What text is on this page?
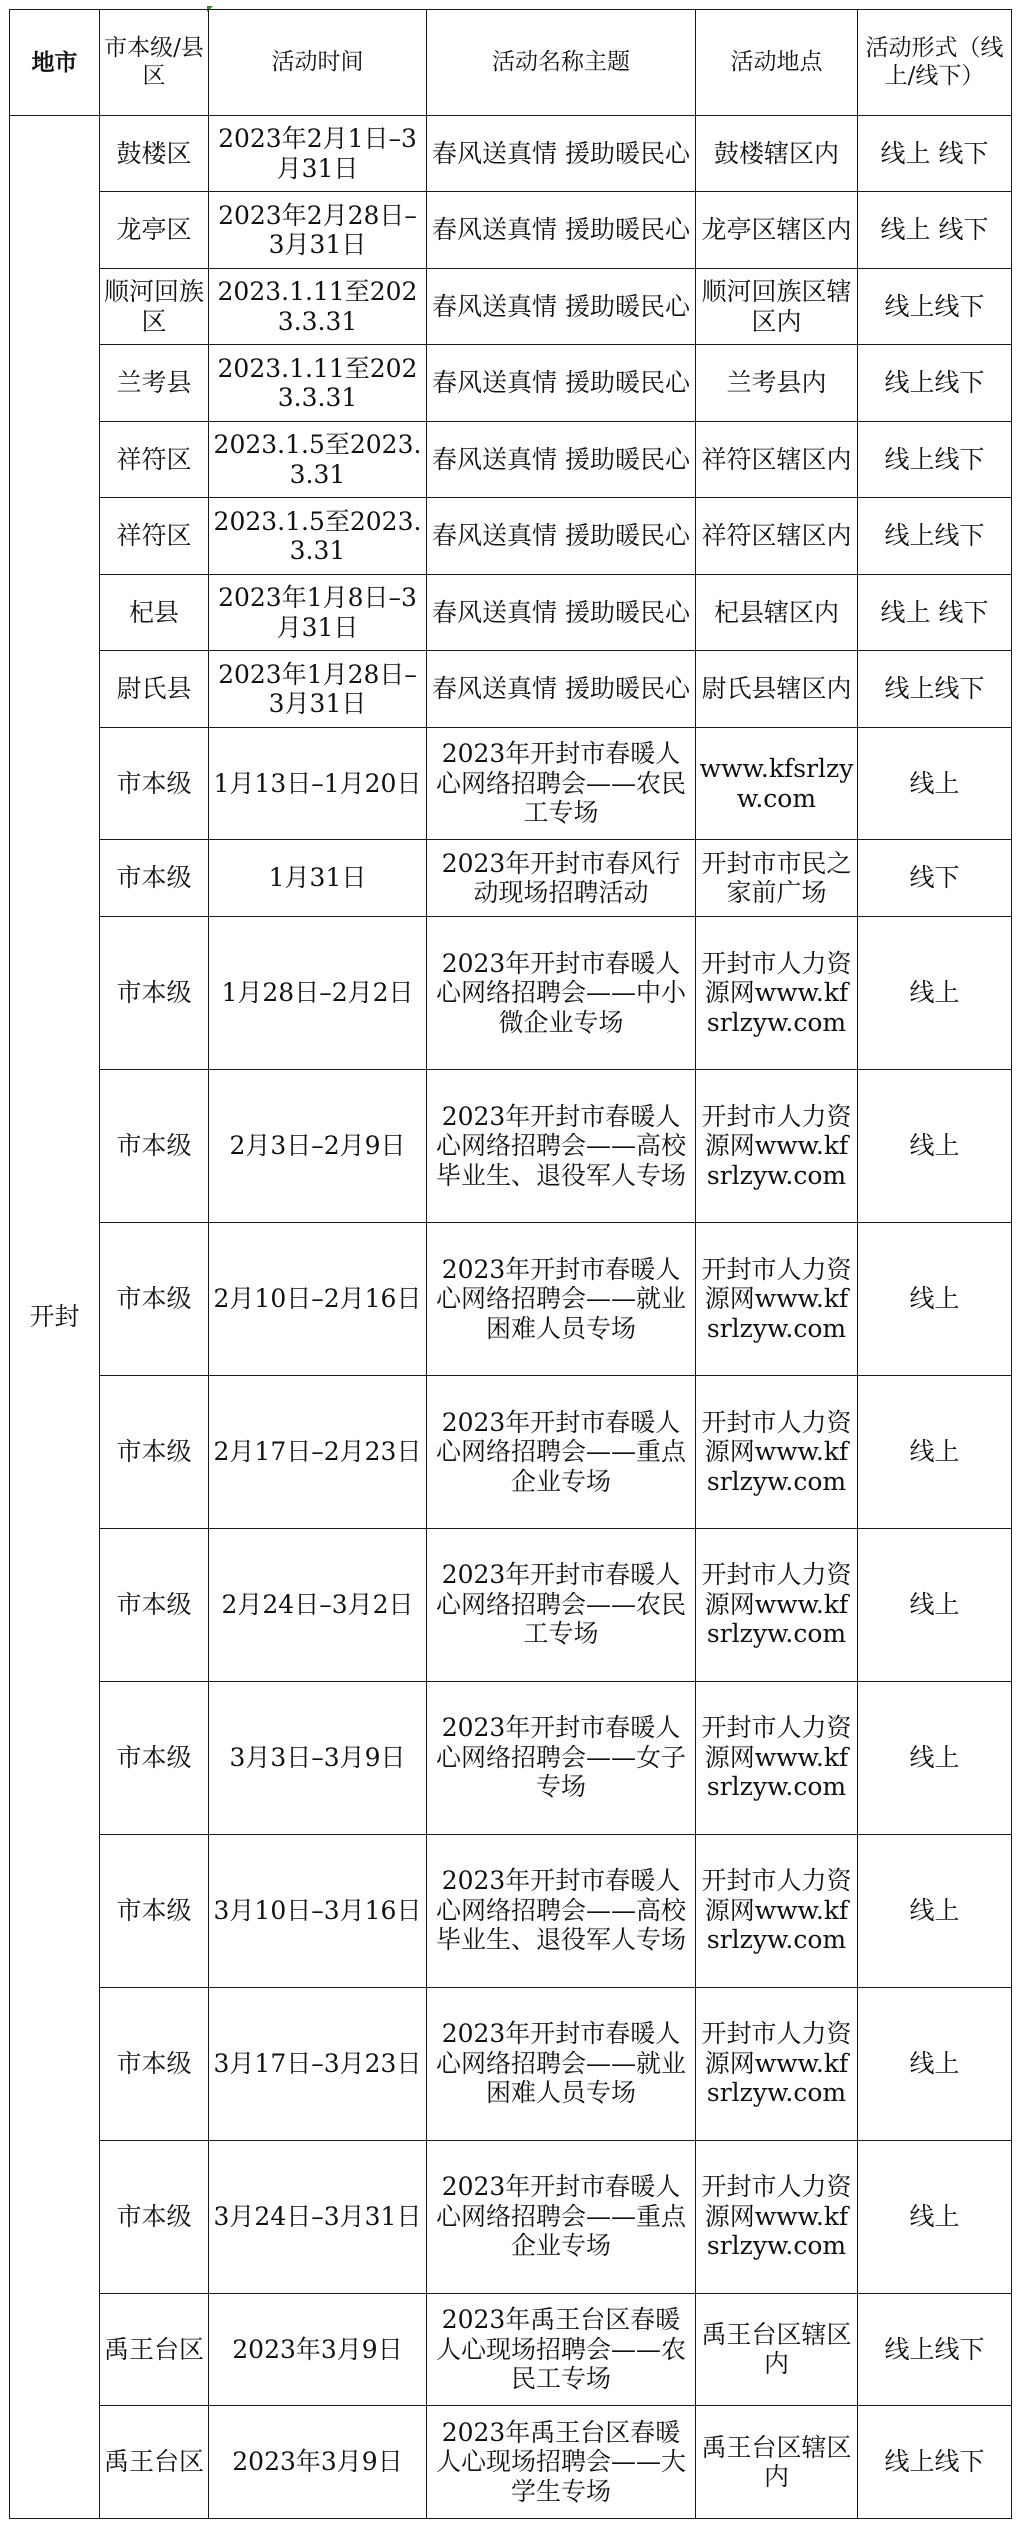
地市	市本级/县区	活动时间	活动名称主题	活动地点	活动形式（线上/线下）
开封	鼓楼区	2023年2月1日–3月31日	春风送真情 援助暖民心	鼓楼辖区内	线上 线下
	龙亭区	2023年2月28日–3月31日	春风送真情 援助暖民心	龙亭区辖区内	线上 线下
	顺河回族区	2023.1.11至2023.3.31	春风送真情 援助暖民心	顺河回族区辖区内	线上线下
	兰考县	2023.1.11至2023.3.31	春风送真情 援助暖民心	兰考县内	线上线下
	祥符区	2023.1.5至2023.3.31	春风送真情 援助暖民心	祥符区辖区内	线上线下
	祥符区	2023.1.5至2023.3.31	春风送真情 援助暖民心	祥符区辖区内	线上线下
	杞县	2023年1月8日–3月31日	春风送真情 援助暖民心	杞县辖区内	线上 线下
	尉氏县	2023年1月28日–3月31日	春风送真情 援助暖民心	尉氏县辖区内	线上线下
	市本级	1月13日–1月20日	2023年开封市春暖人心网络招聘会——农民工专场	www.kfsrlzyw.com	线上
	市本级	1月31日	2023年开封市春风行动现场招聘活动	开封市市民之家前广场	线下
	市本级	1月28日–2月2日	2023年开封市春暖人心网络招聘会——中小微企业专场	开封市人力资源网www.kfsrlzyw.com	线上
	市本级	2月3日–2月9日	2023年开封市春暖人心网络招聘会——高校毕业生、退役军人专场	开封市人力资源网www.kfsrlzyw.com	线上
	市本级	2月10日–2月16日	2023年开封市春暖人心网络招聘会——就业困难人员专场	开封市人力资源网www.kfsrlzyw.com	线上
	市本级	2月17日–2月23日	2023年开封市春暖人心网络招聘会——重点企业专场	开封市人力资源网www.kfsrlzyw.com	线上
	市本级	2月24日–3月2日	2023年开封市春暖人心网络招聘会——农民工专场	开封市人力资源网www.kfsrlzyw.com	线上
	市本级	3月3日–3月9日	2023年开封市春暖人心网络招聘会——女子专场	开封市人力资源网www.kfsrlzyw.com	线上
	市本级	3月10日–3月16日	2023年开封市春暖人心网络招聘会——高校毕业生、退役军人专场	开封市人力资源网www.kfsrlzyw.com	线上
	市本级	3月17日–3月23日	2023年开封市春暖人心网络招聘会——就业困难人员专场	开封市人力资源网www.kfsrlzyw.com	线上
	市本级	3月24日–3月31日	2023年开封市春暖人心网络招聘会——重点企业专场	开封市人力资源网www.kfsrlzyw.com	线上
	禹王台区	2023年3月9日	2023年禹王台区春暖人心现场招聘会——农民工专场	禹王台区辖区内	线上线下
	禹王台区	2023年3月9日	2023年禹王台区春暖人心现场招聘会——大学生专场	禹王台区辖区内	线上线下
